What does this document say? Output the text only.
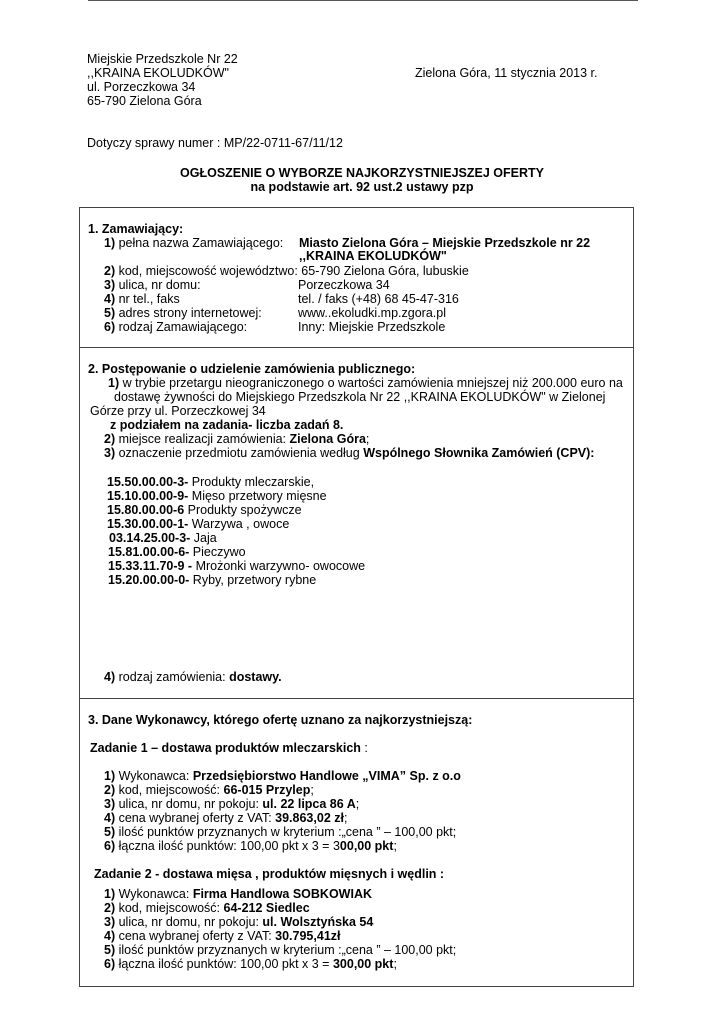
Miejskie Przedszkole Nr 22
,,KRAINA EKOLUDKÓW"
ul. Porzeczkowa 34
65-790 Zielona Góra
Zielona Góra, 11 stycznia 2013 r.
Dotyczy sprawy numer : MP/22-0711-67/11/12
OGŁOSZENIE O WYBORZE NAJKORZYSTNIEJSZEJ OFERTY
na podstawie art. 92 ust.2 ustawy pzp
1. Zamawiający:
1) pełna nazwa Zamawiającego: Miasto Zielona Góra – Miejskie Przedszkole nr 22
,,KRAINA EKOLUDKÓW"
2) kod, miejscowość województwo: 65-790 Zielona Góra, lubuskie
3) ulica, nr domu:	Porzeczkowa 34
4) nr tel., faks	tel. / faks (+48) 68 45-47-316
5) adres strony internetowej:	www..ekoludki.mp.zgora.pl
6) rodzaj Zamawiającego:	Inny: Miejskie Przedszkole
2. Postępowanie o udzielenie zamówienia publicznego:
1) w trybie przetargu nieograniczonego o wartości zamówienia mniejszej niż 200.000 euro na
dostawę żywności do Miejskiego Przedszkola Nr 22 ,,KRAINA EKOLUDKÓW" w Zielonej
Górze przy ul. Porzeczkowej 34
z podziałem na zadania- liczba zadań 8.
2) miejsce realizacji zamówienia: Zielona Góra;
3) oznaczenie przedmiotu zamówienia według Wspólnego Słownika Zamówień (CPV):
15.50.00.00-3- Produkty mleczarskie,
15.10.00.00-9- Mięso przetwory mięsne
15.80.00.00-6 Produkty spożywcze
15.30.00.00-1- Warzywa , owoce
03.14.25.00-3- Jaja
15.81.00.00-6- Pieczywo
15.33.11.70-9 - Mrożonki warzywno- owocowe
15.20.00.00-0- Ryby, przetwory rybne
4) rodzaj zamówienia: dostawy.
3. Dane Wykonawcy, którego ofertę uznano za najkorzystniejszą:
Zadanie 1 – dostawa produktów mleczarskich :
1) Wykonawca: Przedsiębiorstwo Handlowe „VIMA” Sp. z o.o
2) kod, miejscowość: 66-015 Przylep;
3) ulica, nr domu, nr pokoju: ul. 22 lipca 86 A;
4) cena wybranej oferty z VAT: 39.863,02 zł;
5) ilość punktów przyznanych w kryterium :„cena ” – 100,00 pkt;
6) łączna ilość punktów: 100,00 pkt x 3 = 300,00 pkt;
Zadanie 2 - dostawa mięsa , produktów mięsnych i wędlin :
1) Wykonawca: Firma Handlowa SOBKOWIAK
2) kod, miejscowość: 64-212 Siedlec
3) ulica, nr domu, nr pokoju: ul. Wolsztyńska 54
4) cena wybranej oferty z VAT: 30.795,41zł
5) ilość punktów przyznanych w kryterium :„cena ” – 100,00 pkt;
6) łączna ilość punktów: 100,00 pkt x 3 = 300,00 pkt;
